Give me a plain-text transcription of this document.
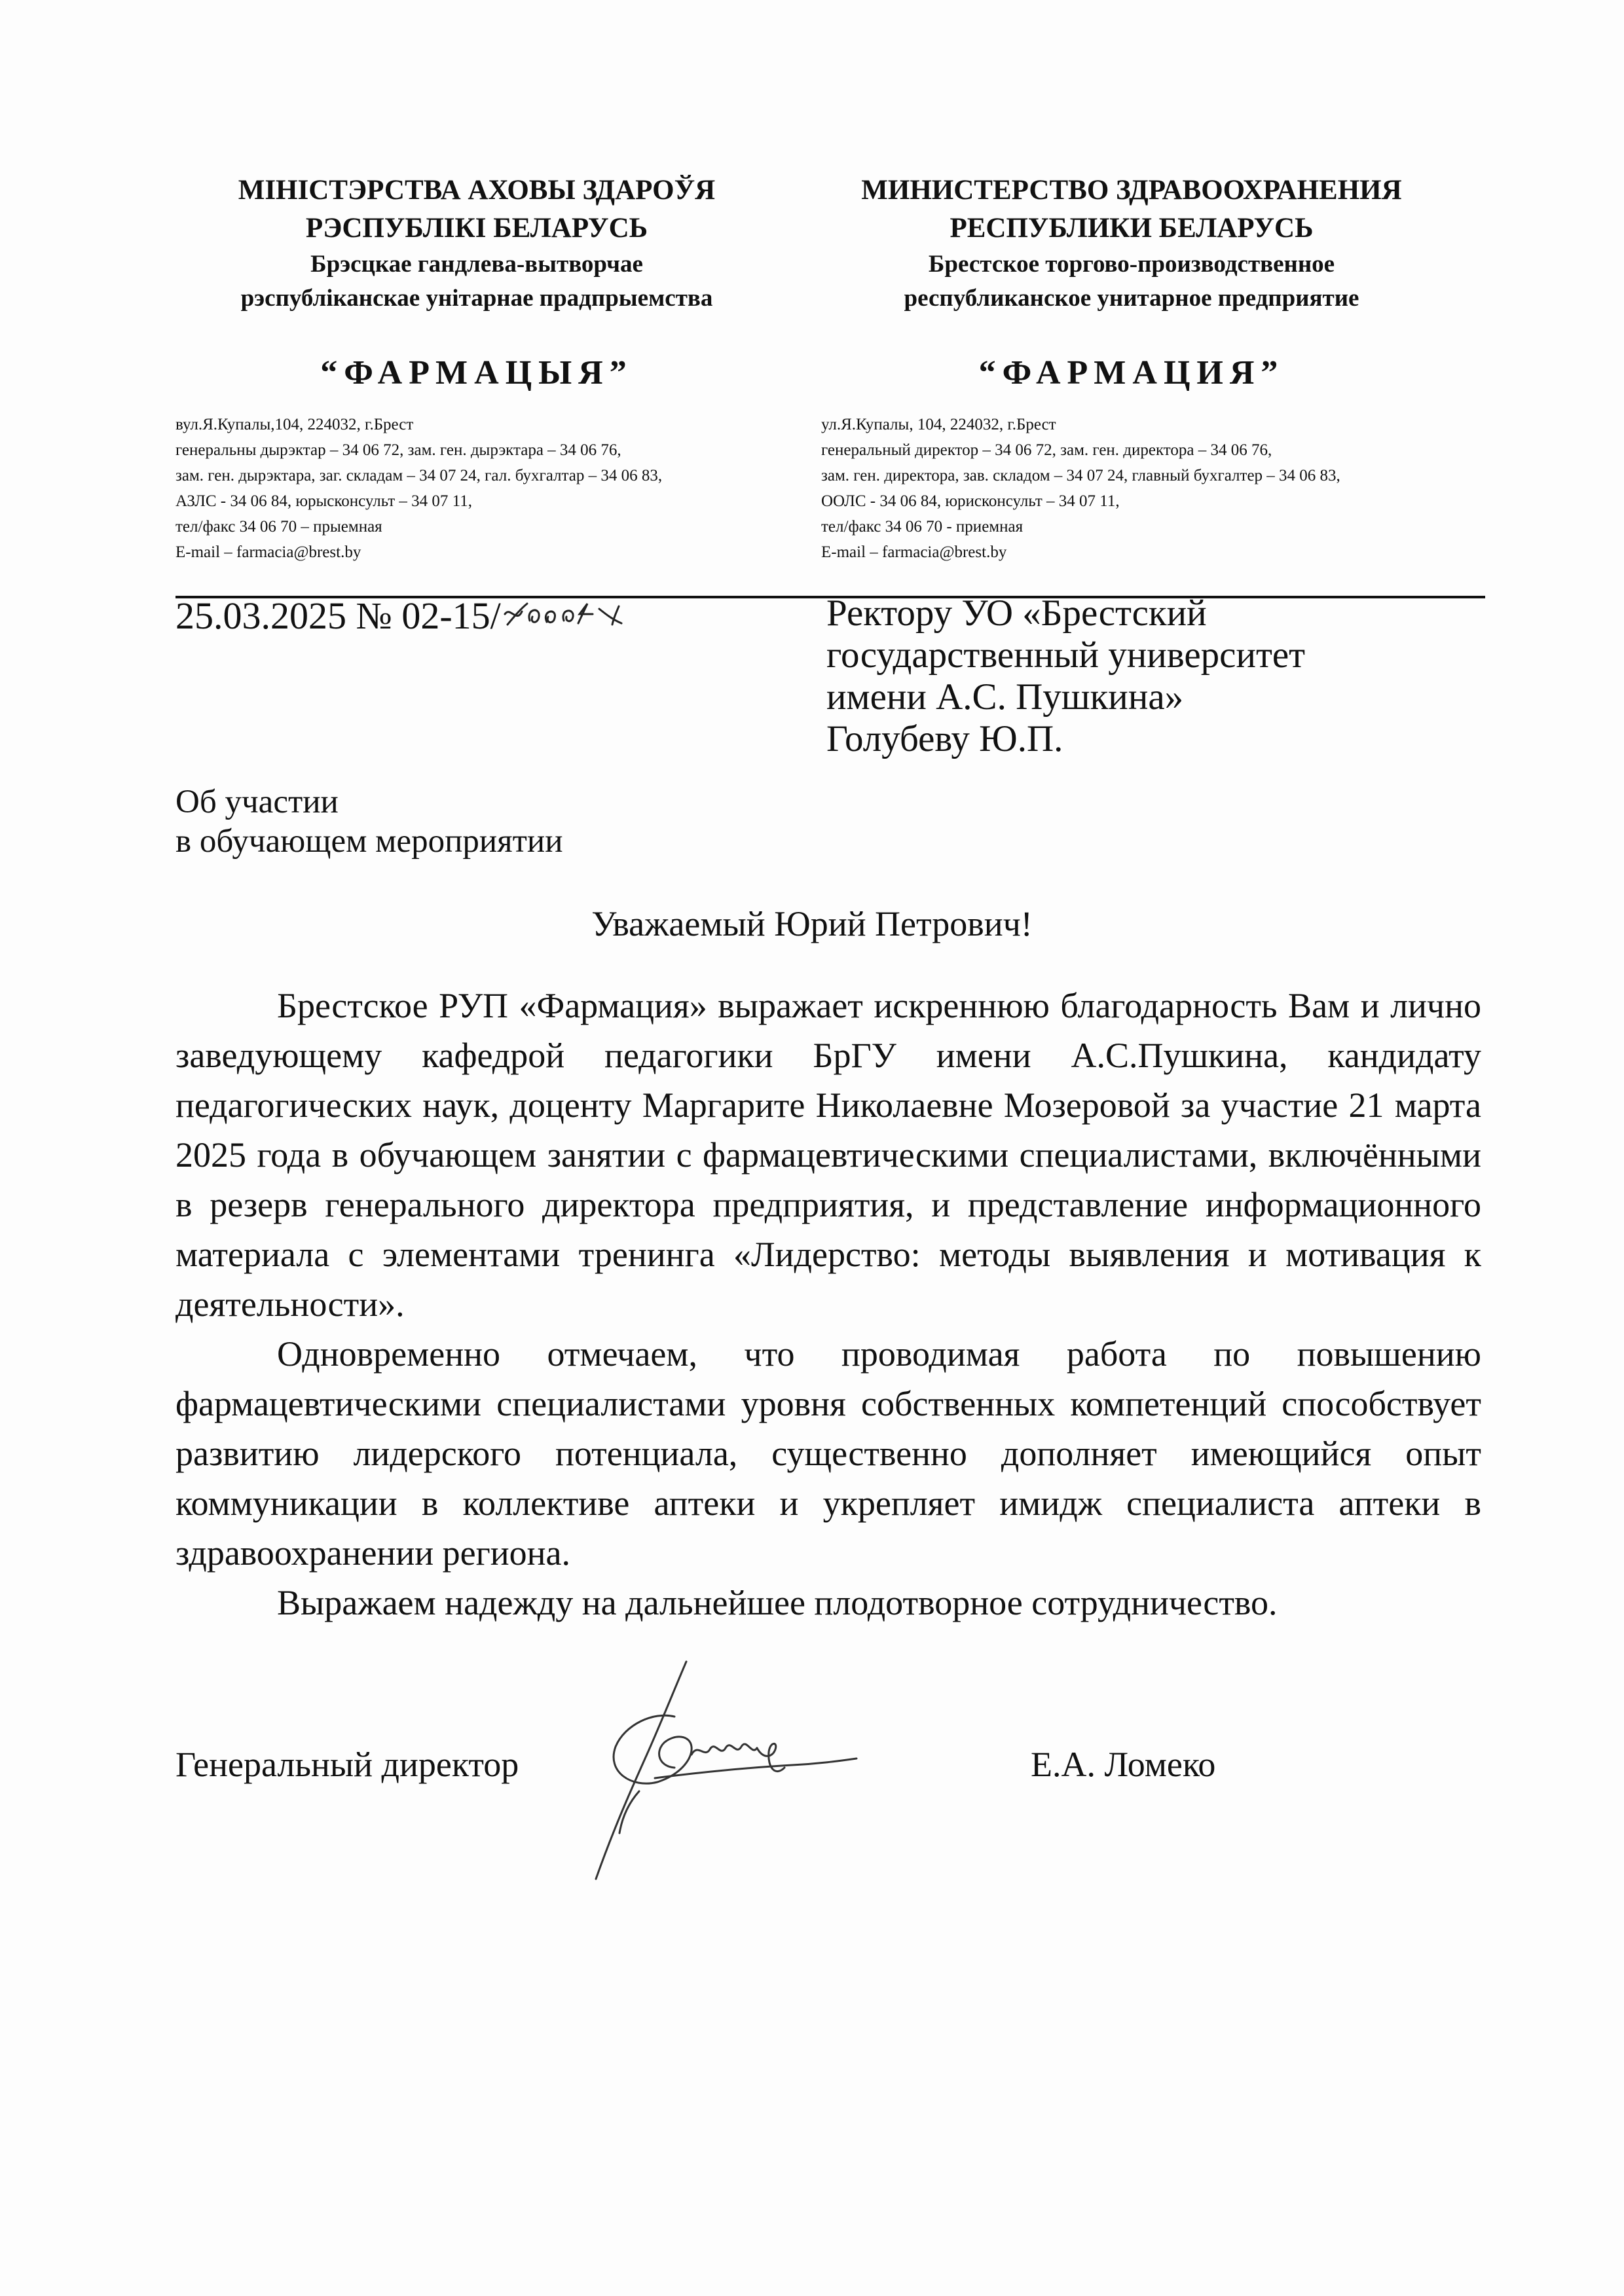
МІНІСТЭРСТВА АХОВЫ ЗДАРОЎЯ
РЭСПУБЛІКІ БЕЛАРУСЬ
Брэсцкае гандлева-вытворчае
рэспубліканскае унітарнае прадпрыемства
“ФАРМАЦЫЯ”
вул.Я.Купалы,104, 224032, г.Брест
генеральны дырэктар – 34 06 72, зам. ген. дырэктара – 34 06 76,
зам. ген. дырэктара, заг. складам – 34 07 24, гал. бухгалтар – 34 06 83,
АЗЛС - 34 06 84, юрысконсульт – 34 07 11,
тел/факс 34 06 70 – прыемная
E-mail – farmacia@brest.by
МИНИСТЕРСТВО ЗДРАВООХРАНЕНИЯ
РЕСПУБЛИКИ БЕЛАРУСЬ
Брестское торгово-производственное
республиканское унитарное предприятие
“ФАРМАЦИЯ”
ул.Я.Купалы, 104, 224032, г.Брест
генеральный директор – 34 06 72, зам. ген. директора – 34 06 76,
зам. ген. директора, зав. складом – 34 07 24, главный бухгалтер – 34 06 83,
ООЛС - 34 06 84, юрисконсульт – 34 07 11,
тел/факс 34 06 70 - приемная
E-mail – farmacia@brest.by
25.03.2025 № 02-15/	Ректору УО «Брестский
государственный университет
имени А.С. Пушкина»
Голубеву Ю.П.
Об участии
в обучающем мероприятии
Уважаемый Юрий Петрович!

Брестское РУП «Фармация» выражает искреннюю благодарность Вам и лично заведующему кафедрой педагогики БрГУ имени А.С.Пушкина, кандидату педагогических наук, доценту Маргарите Николаевне Мозеровой за участие 21 марта 2025 года в обучающем занятии с фармацевтическими специалистами, включёнными в резерв генерального директора предприятия, и представление информационного материала с элементами тренинга «Лидерство: методы выявления и мотивация к деятельности».

Одновременно отмечаем, что проводимая работа по повышению фармацевтическими специалистами уровня собственных компетенций способствует развитию лидерского потенциала, существенно дополняет имеющийся опыт коммуникации в коллективе аптеки и укрепляет имидж специалиста аптеки в здравоохранении региона.

Выражаем надежду на дальнейшее плодотворное сотрудничество.

Генеральный директор	Е.А. Ломеко
